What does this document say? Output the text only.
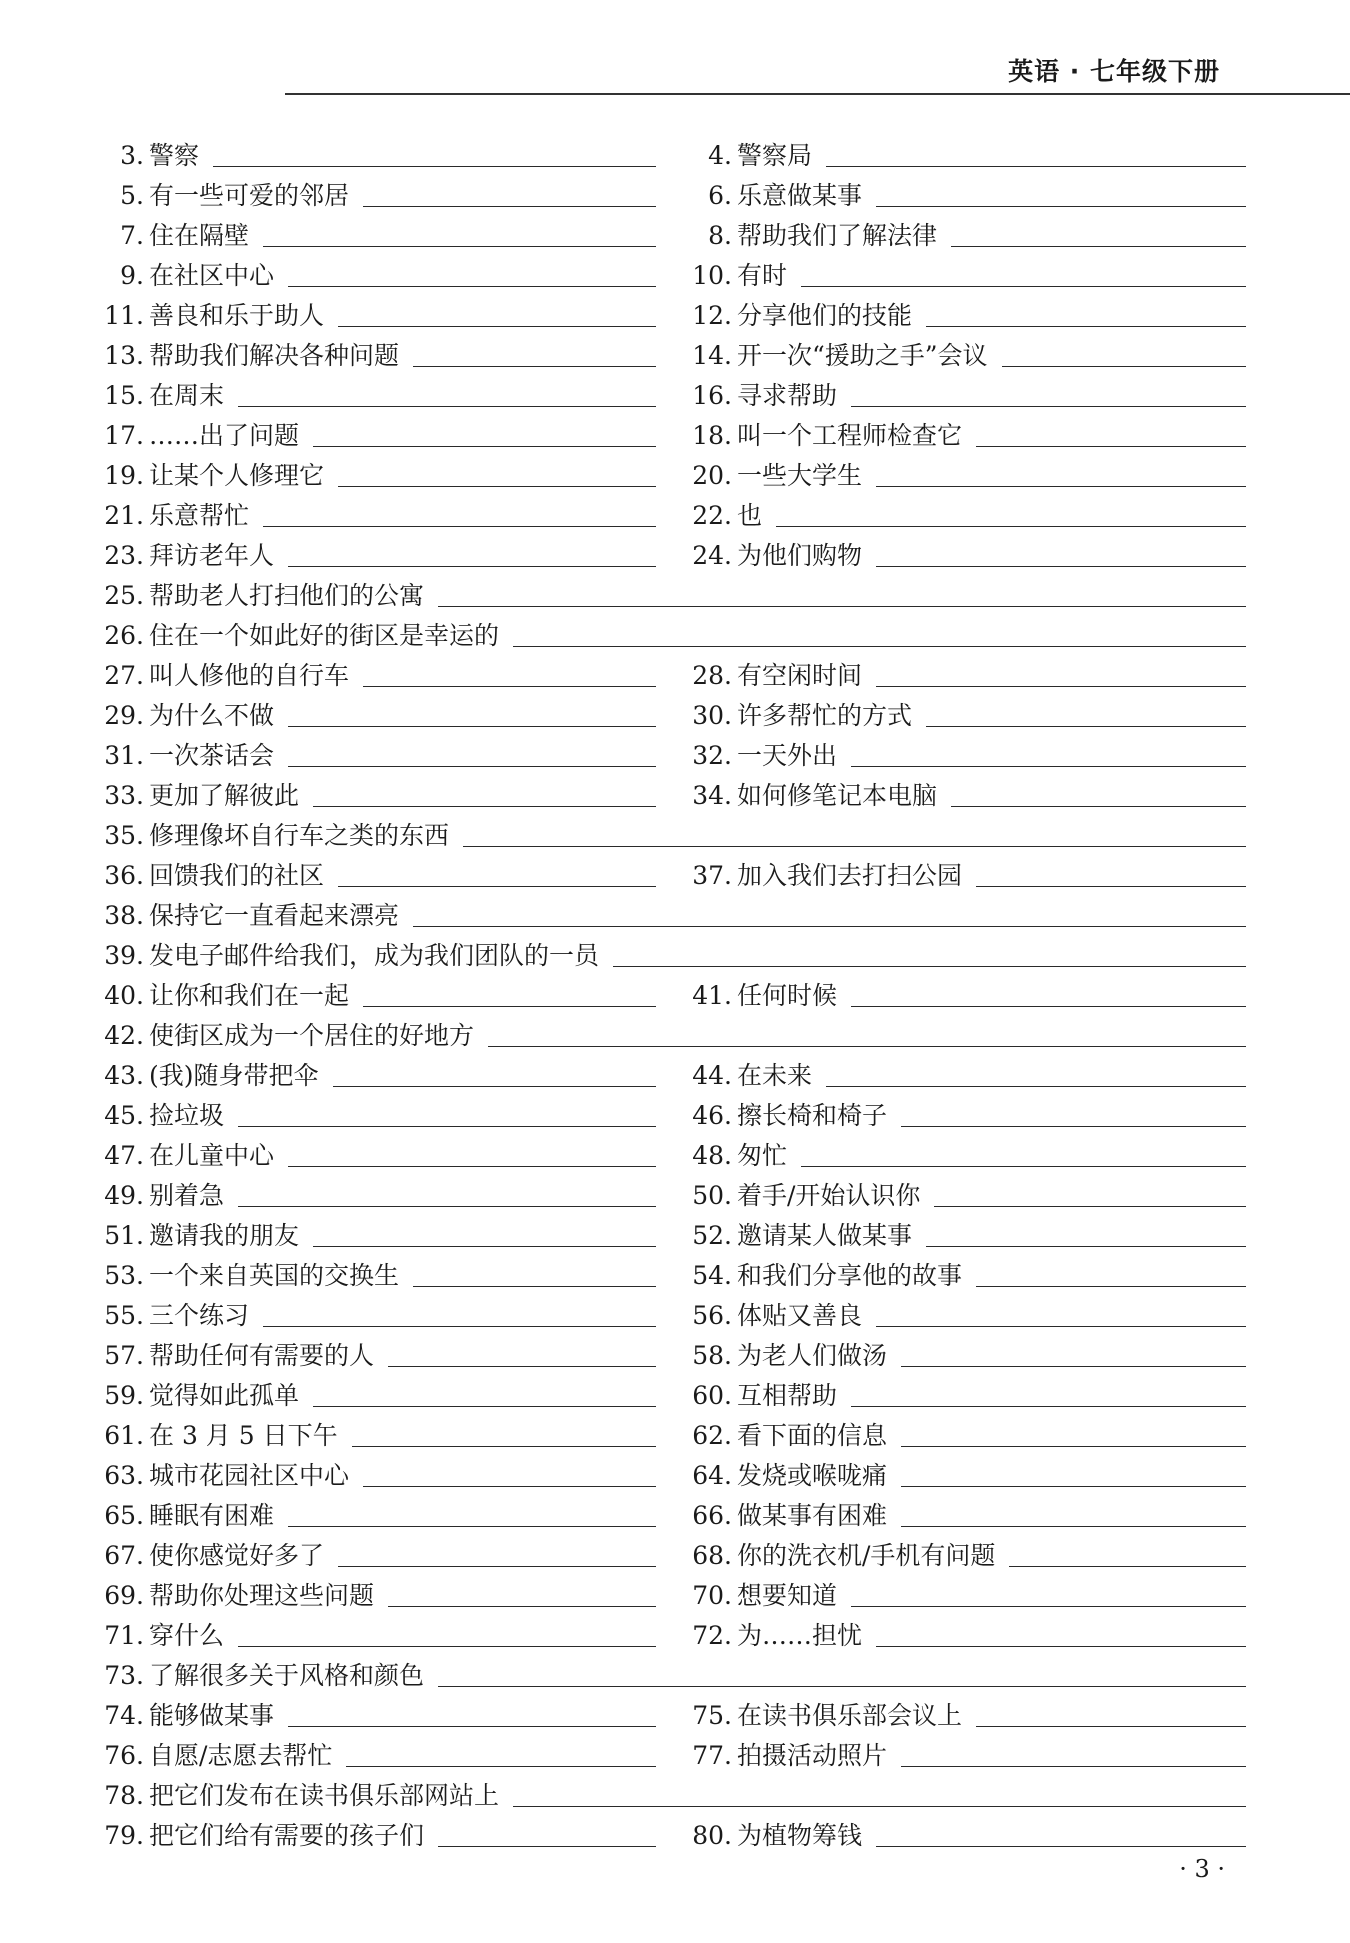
英语 · 七年级下册
3 . 警察	4 . 警察局
5 . 有一些可爱的邻居	6 . 乐意做某事
7 . 住在隔壁	8 . 帮助我们了解法律
9 . 在社区中心	10 . 有时
11 . 善良和乐于助人	12 . 分享他们的技能
13 . 帮助我们解决各种问题	14 . 开一次“援助之手”会议
15 . 在周末	16 . 寻求帮助
17 . ……出了问题	18 . 叫一个工程师检查它
19 . 让某个人修理它	20 . 一些大学生
21 . 乐意帮忙	22 . 也
23 . 拜访老年人	24 . 为他们购物
25 . 帮助老人打扫他们的公寓
26 . 住在一个如此好的街区是幸运的
27 . 叫人修他的自行车	28 . 有空闲时间
29 . 为什么不做	30 . 许多帮忙的方式
31 . 一次茶话会	32 . 一天外出
33 . 更加了解彼此	34 . 如何修笔记本电脑
35 . 修理像坏自行车之类的东西
36 . 回馈我们的社区	37 . 加入我们去打扫公园
38 . 保持它一直看起来漂亮
39 . 发电子邮件给我们，成为我们团队的一员
40 . 让你和我们在一起	41 . 任何时候
42 . 使街区成为一个居住的好地方
43 . (我)随身带把伞	44 . 在未来
45 . 捡垃圾	46 . 擦长椅和椅子
47 . 在儿童中心	48 . 匆忙
49 . 别着急	50 . 着手/开始认识你
51 . 邀请我的朋友	52 . 邀请某人做某事
53 . 一个来自英国的交换生	54 . 和我们分享他的故事
55 . 三个练习	56 . 体贴又善良
57 . 帮助任何有需要的人	58 . 为老人们做汤
59 . 觉得如此孤单	60 . 互相帮助
61 . 在 3 月 5 日下午	62 . 看下面的信息
63 . 城市花园社区中心	64 . 发烧或喉咙痛
65 . 睡眠有困难	66 . 做某事有困难
67 . 使你感觉好多了	68 . 你的洗衣机/手机有问题
69 . 帮助你处理这些问题	70 . 想要知道
71 . 穿什么	72 . 为……担忧
73 . 了解很多关于风格和颜色
74 . 能够做某事	75 . 在读书俱乐部会议上
76 . 自愿/志愿去帮忙	77 . 拍摄活动照片
78 . 把它们发布在读书俱乐部网站上
79 . 把它们给有需要的孩子们	80 . 为植物筹钱
· 3 ·
